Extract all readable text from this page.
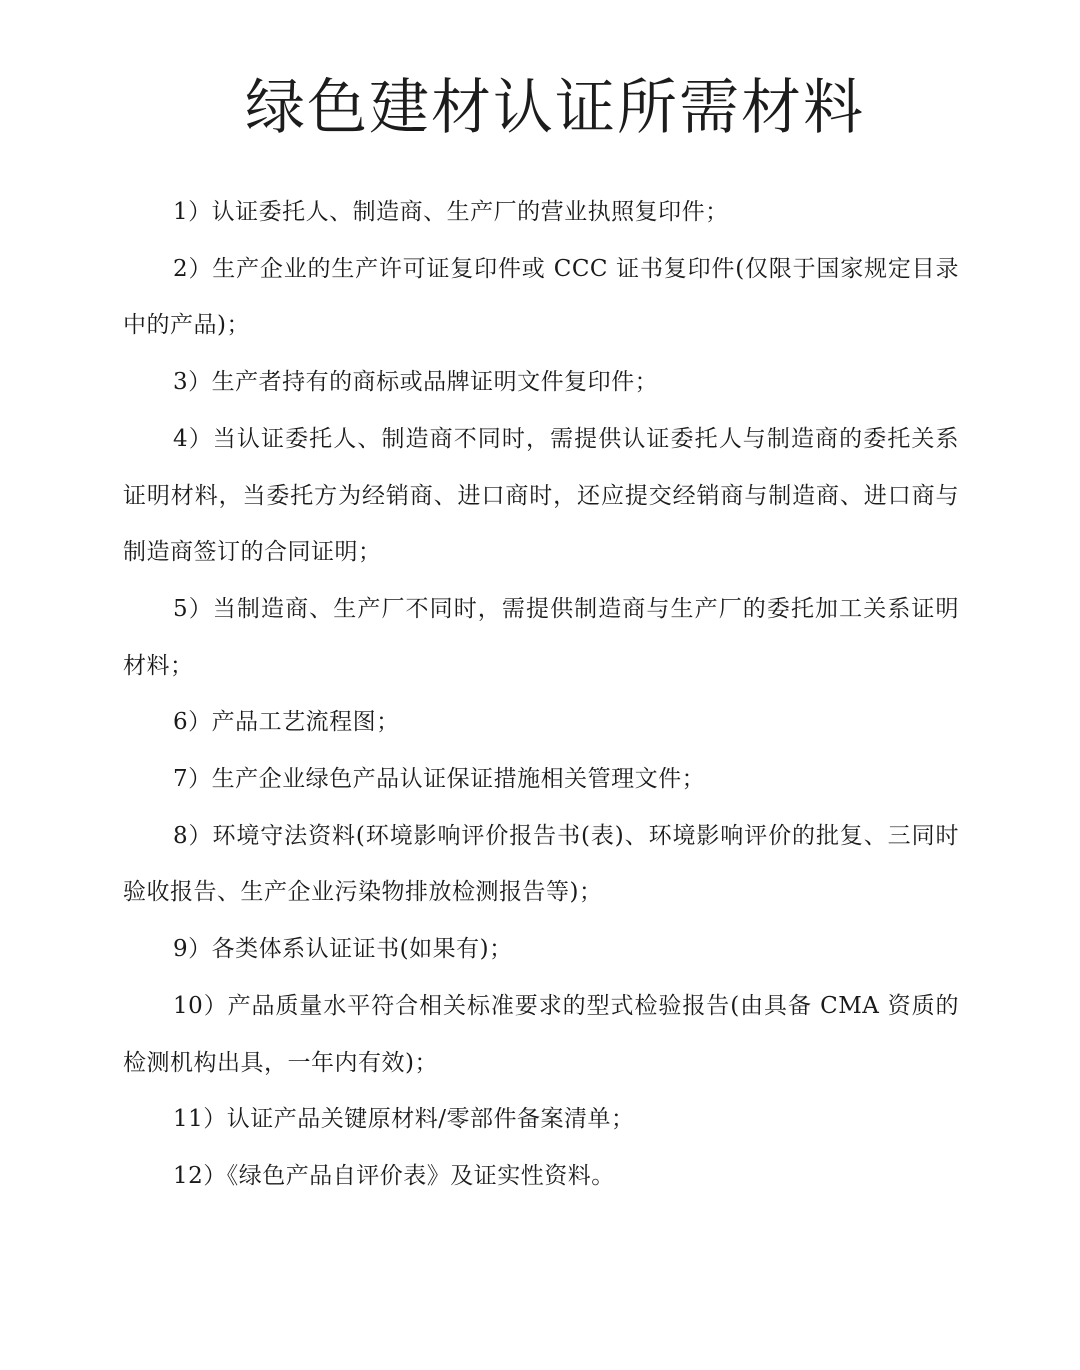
绿色建材认证所需材料
1）认证委托人、制造商、生产厂的营业执照复印件；
2）生产企业的生产许可证复印件或 CCC 证书复印件(仅限于国家规定目录中的产品)；
3）生产者持有的商标或品牌证明文件复印件；
4）当认证委托人、制造商不同时，需提供认证委托人与制造商的委托关系证明材料，当委托方为经销商、进口商时，还应提交经销商与制造商、进口商与制造商签订的合同证明；
5）当制造商、生产厂不同时，需提供制造商与生产厂的委托加工关系证明材料；
6）产品工艺流程图；
7）生产企业绿色产品认证保证措施相关管理文件；
8）环境守法资料(环境影响评价报告书(表)、环境影响评价的批复、三同时验收报告、生产企业污染物排放检测报告等)；
9）各类体系认证证书(如果有)；
10）产品质量水平符合相关标准要求的型式检验报告(由具备 CMA 资质的检测机构出具，一年内有效)；
11）认证产品关键原材料/零部件备案清单；
12）《绿色产品自评价表》及证实性资料。
